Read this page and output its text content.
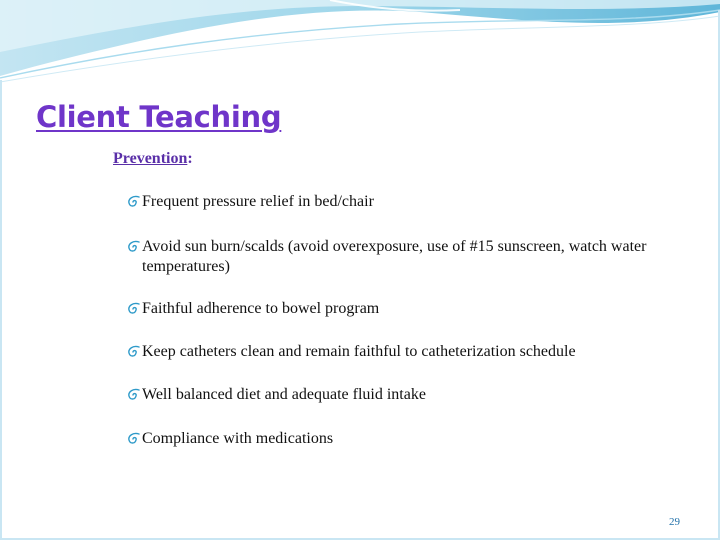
Client Teaching
Prevention:
Frequent pressure relief in bed/chair
Avoid sun burn/scalds (avoid overexposure, use of #15 sunscreen, watch water temperatures)
Faithful adherence to bowel program
Keep catheters clean and remain faithful to catheterization schedule
Well balanced diet and adequate fluid intake
Compliance with medications
29
